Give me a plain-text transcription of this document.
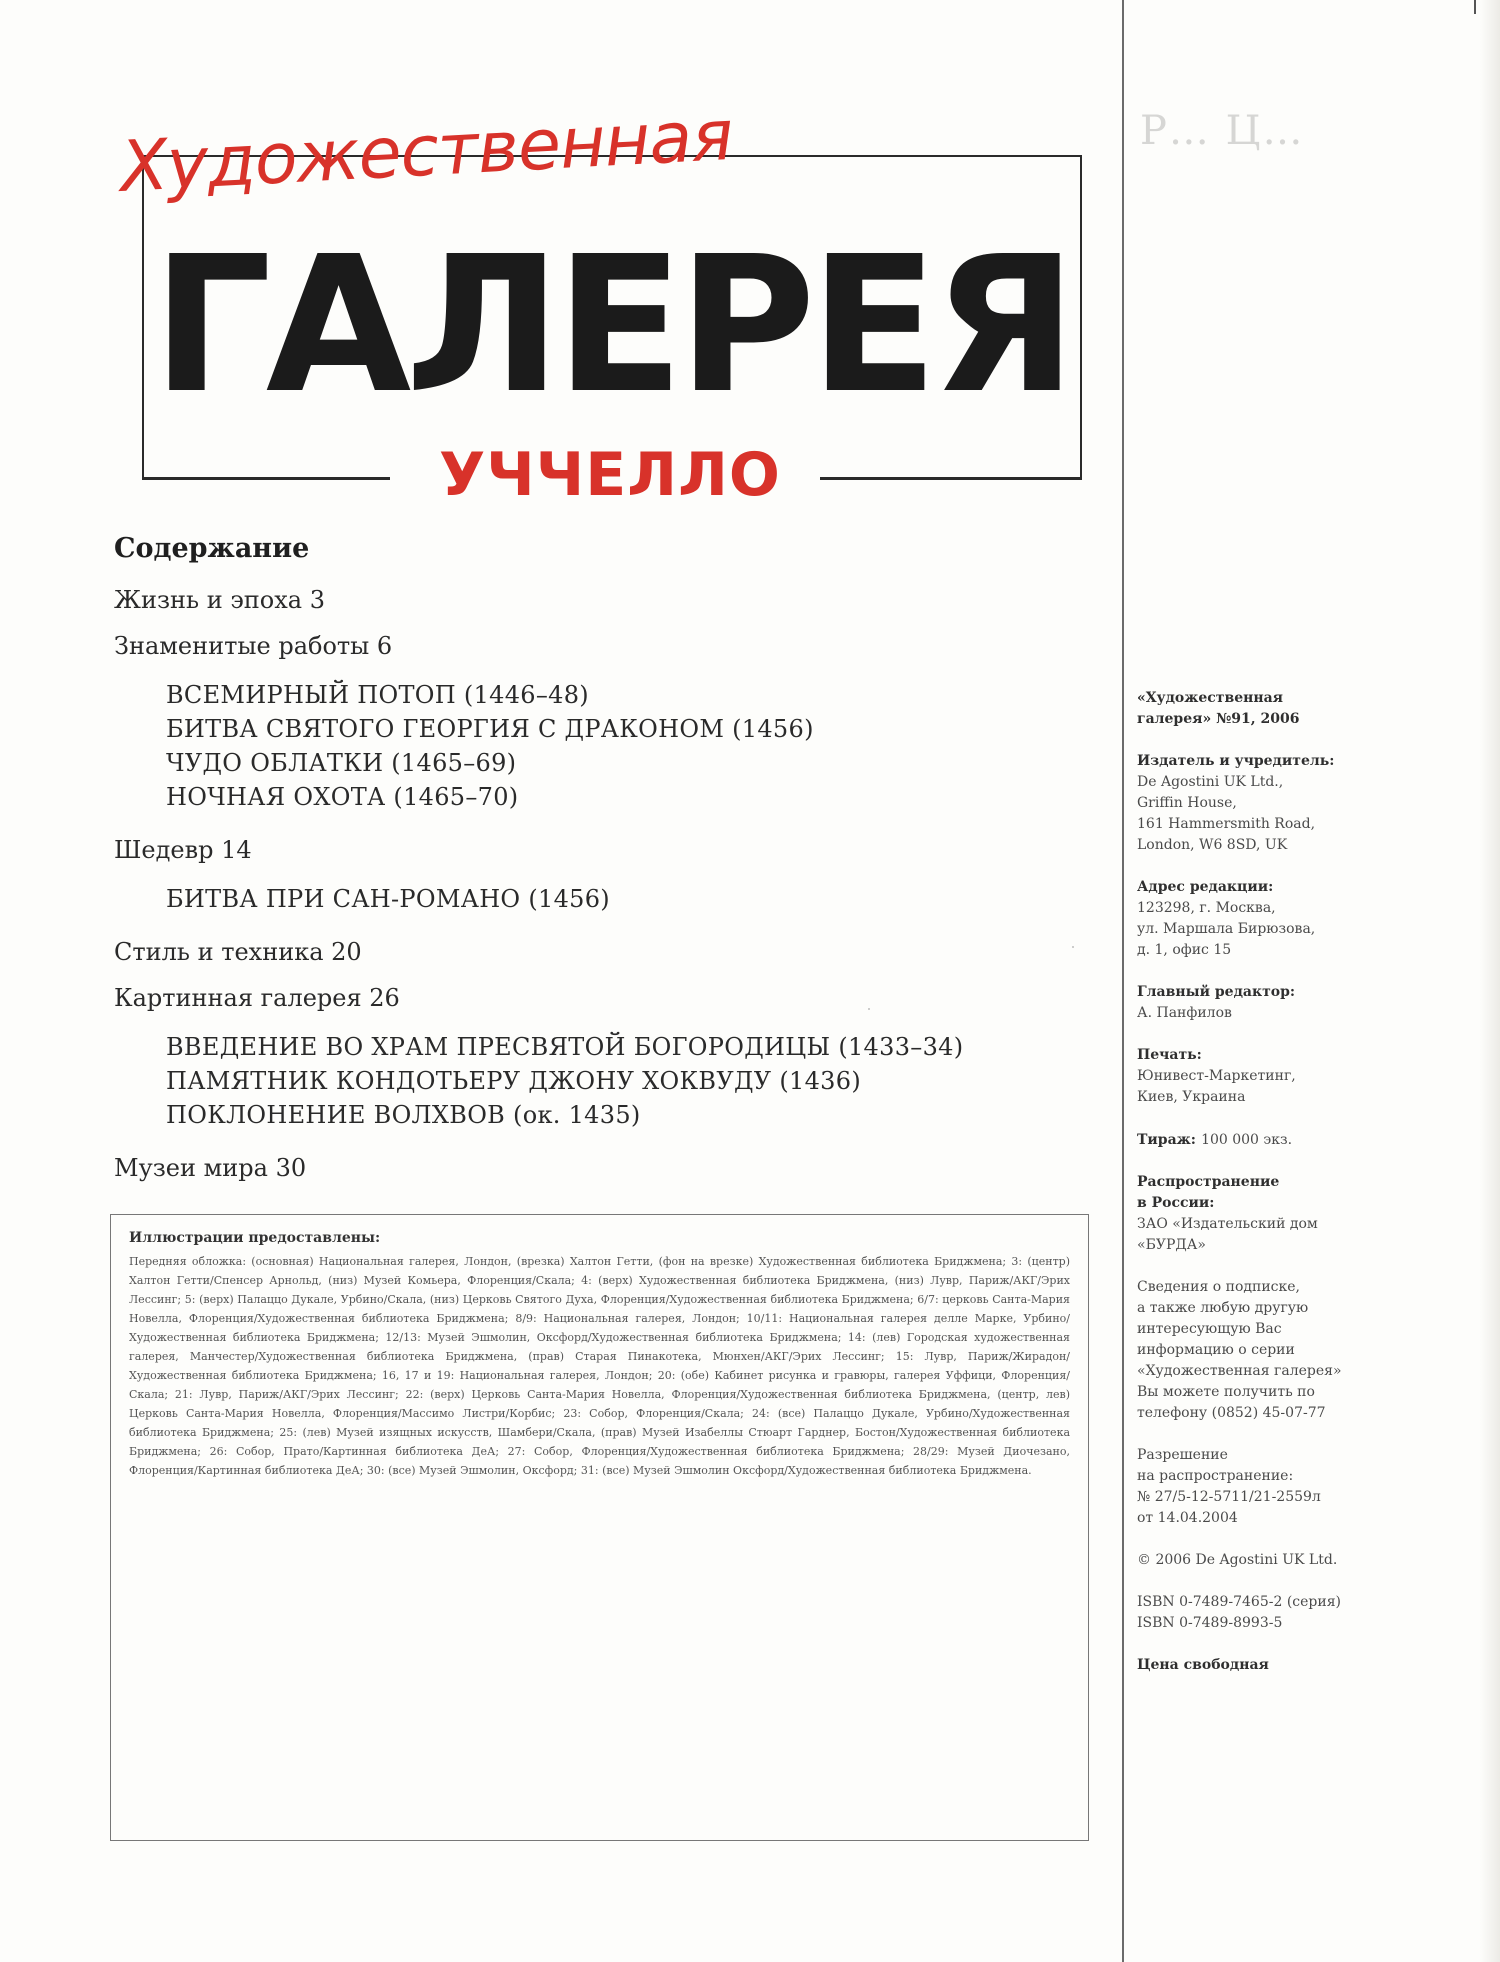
Р… Ц…
Художественная
ГАЛЕРЕЯ
УЧЧЕЛЛО
Содержание
Жизнь и эпоха 3
Знаменитые работы 6
ВСЕМИРНЫЙ ПОТОП (1446–48)
БИТВА СВЯТОГО ГЕОРГИЯ С ДРАКОНОМ (1456)
ЧУДО ОБЛАТКИ (1465–69)
НОЧНАЯ ОХОТА (1465–70)
Шедевр 14
БИТВА ПРИ САН-РОМАНО (1456)
Стиль и техника 20
Картинная галерея 26
ВВЕДЕНИЕ ВО ХРАМ ПРЕСВЯТОЙ БОГОРОДИЦЫ (1433–34)
ПАМЯТНИК КОНДОТЬЕРУ ДЖОНУ ХОКВУДУ (1436)
ПОКЛОНЕНИЕ ВОЛХВОВ (ок. 1435)
Музеи мира 30
Иллюстрации предоставлены:
Передняя обложка: (основная) Национальная галерея, Лондон, (врезка) Халтон Гетти, (фон на врезке) Художественная библиотека Бриджмена; 3: (центр) Халтон Гетти/Спенсер Арнольд, (низ) Музей Комьера, Флоренция/Скала; 4: (верх) Художественная библиотека Бриджмена, (низ) Лувр, Париж/АКГ/Эрих Лессинг; 5: (верх) Палаццо Дукале, Урбино/Скала, (низ) Церковь Святого Духа, Флоренция/Художественная библиотека Бриджмена; 6/7: церковь Санта-Мария Новелла, Флоренция/Художественная библиотека Бриджмена; 8/9: Национальная галерея, Лондон; 10/11: Национальная галерея делле Марке, Урбино/Художественная библиотека Бриджмена; 12/13: Музей Эшмолин, Оксфорд/Художественная библиотека Бриджмена; 14: (лев) Городская художественная галерея, Манчестер/Художественная библиотека Бриджмена, (прав) Старая Пинакотека, Мюнхен/АКГ/Эрих Лессинг; 15: Лувр, Париж/Жирадон/Художественная библиотека Бриджмена; 16, 17 и 19: Национальная галерея, Лондон; 20: (обе) Кабинет рисунка и гравюры, галерея Уффици, Флоренция/Скала; 21: Лувр, Париж/АКГ/Эрих Лессинг; 22: (верх) Церковь Санта-Мария Новелла, Флоренция/Художественная библиотека Бриджмена, (центр, лев) Церковь Санта-Мария Новелла, Флоренция/Массимо Листри/Корбис; 23: Собор, Флоренция/Скала; 24: (все) Палаццо Дукале, Урбино/Художественная библиотека Бриджмена; 25: (лев) Музей изящных искусств, Шамбери/Скала, (прав) Музей Изабеллы Стюарт Гарднер, Бостон/Художественная библиотека Бриджмена; 26: Собор, Прато/Картинная библиотека ДеА; 27: Собор, Флоренция/Художественная библиотека Бриджмена; 28/29: Музей Диочезано, Флоренция/Картинная библиотека ДеА; 30: (все) Музей Эшмолин, Оксфорд; 31: (все) Музей Эшмолин Оксфорд/Художественная библиотека Бриджмена.
«Художественная
галерея» №91, 2006
Издатель и учредитель:
De Agostini UK Ltd.,
Griffin House,
161 Hammersmith Road,
London, W6 8SD, UK
Адрес редакции:
123298, г. Москва,
ул. Маршала Бирюзова,
д. 1, офис 15
Главный редактор:
А. Панфилов
Печать:
Юнивест-Маркетинг,
Киев, Украина
Тираж: 100 000 экз.
Распространение
в России:
ЗАО «Издательский дом
«БУРДА»
Сведения о подписке,
а также любую другую
интересующую Вас
информацию о серии
«Художественная галерея»
Вы можете получить по
телефону (0852) 45-07-77
Разрешение
на распространение:
№ 27/5-12-5711/21-2559л
от 14.04.2004
© 2006 De Agostini UK Ltd.
ISBN 0-7489-7465-2 (серия)
ISBN 0-7489-8993-5
Цена свободная
